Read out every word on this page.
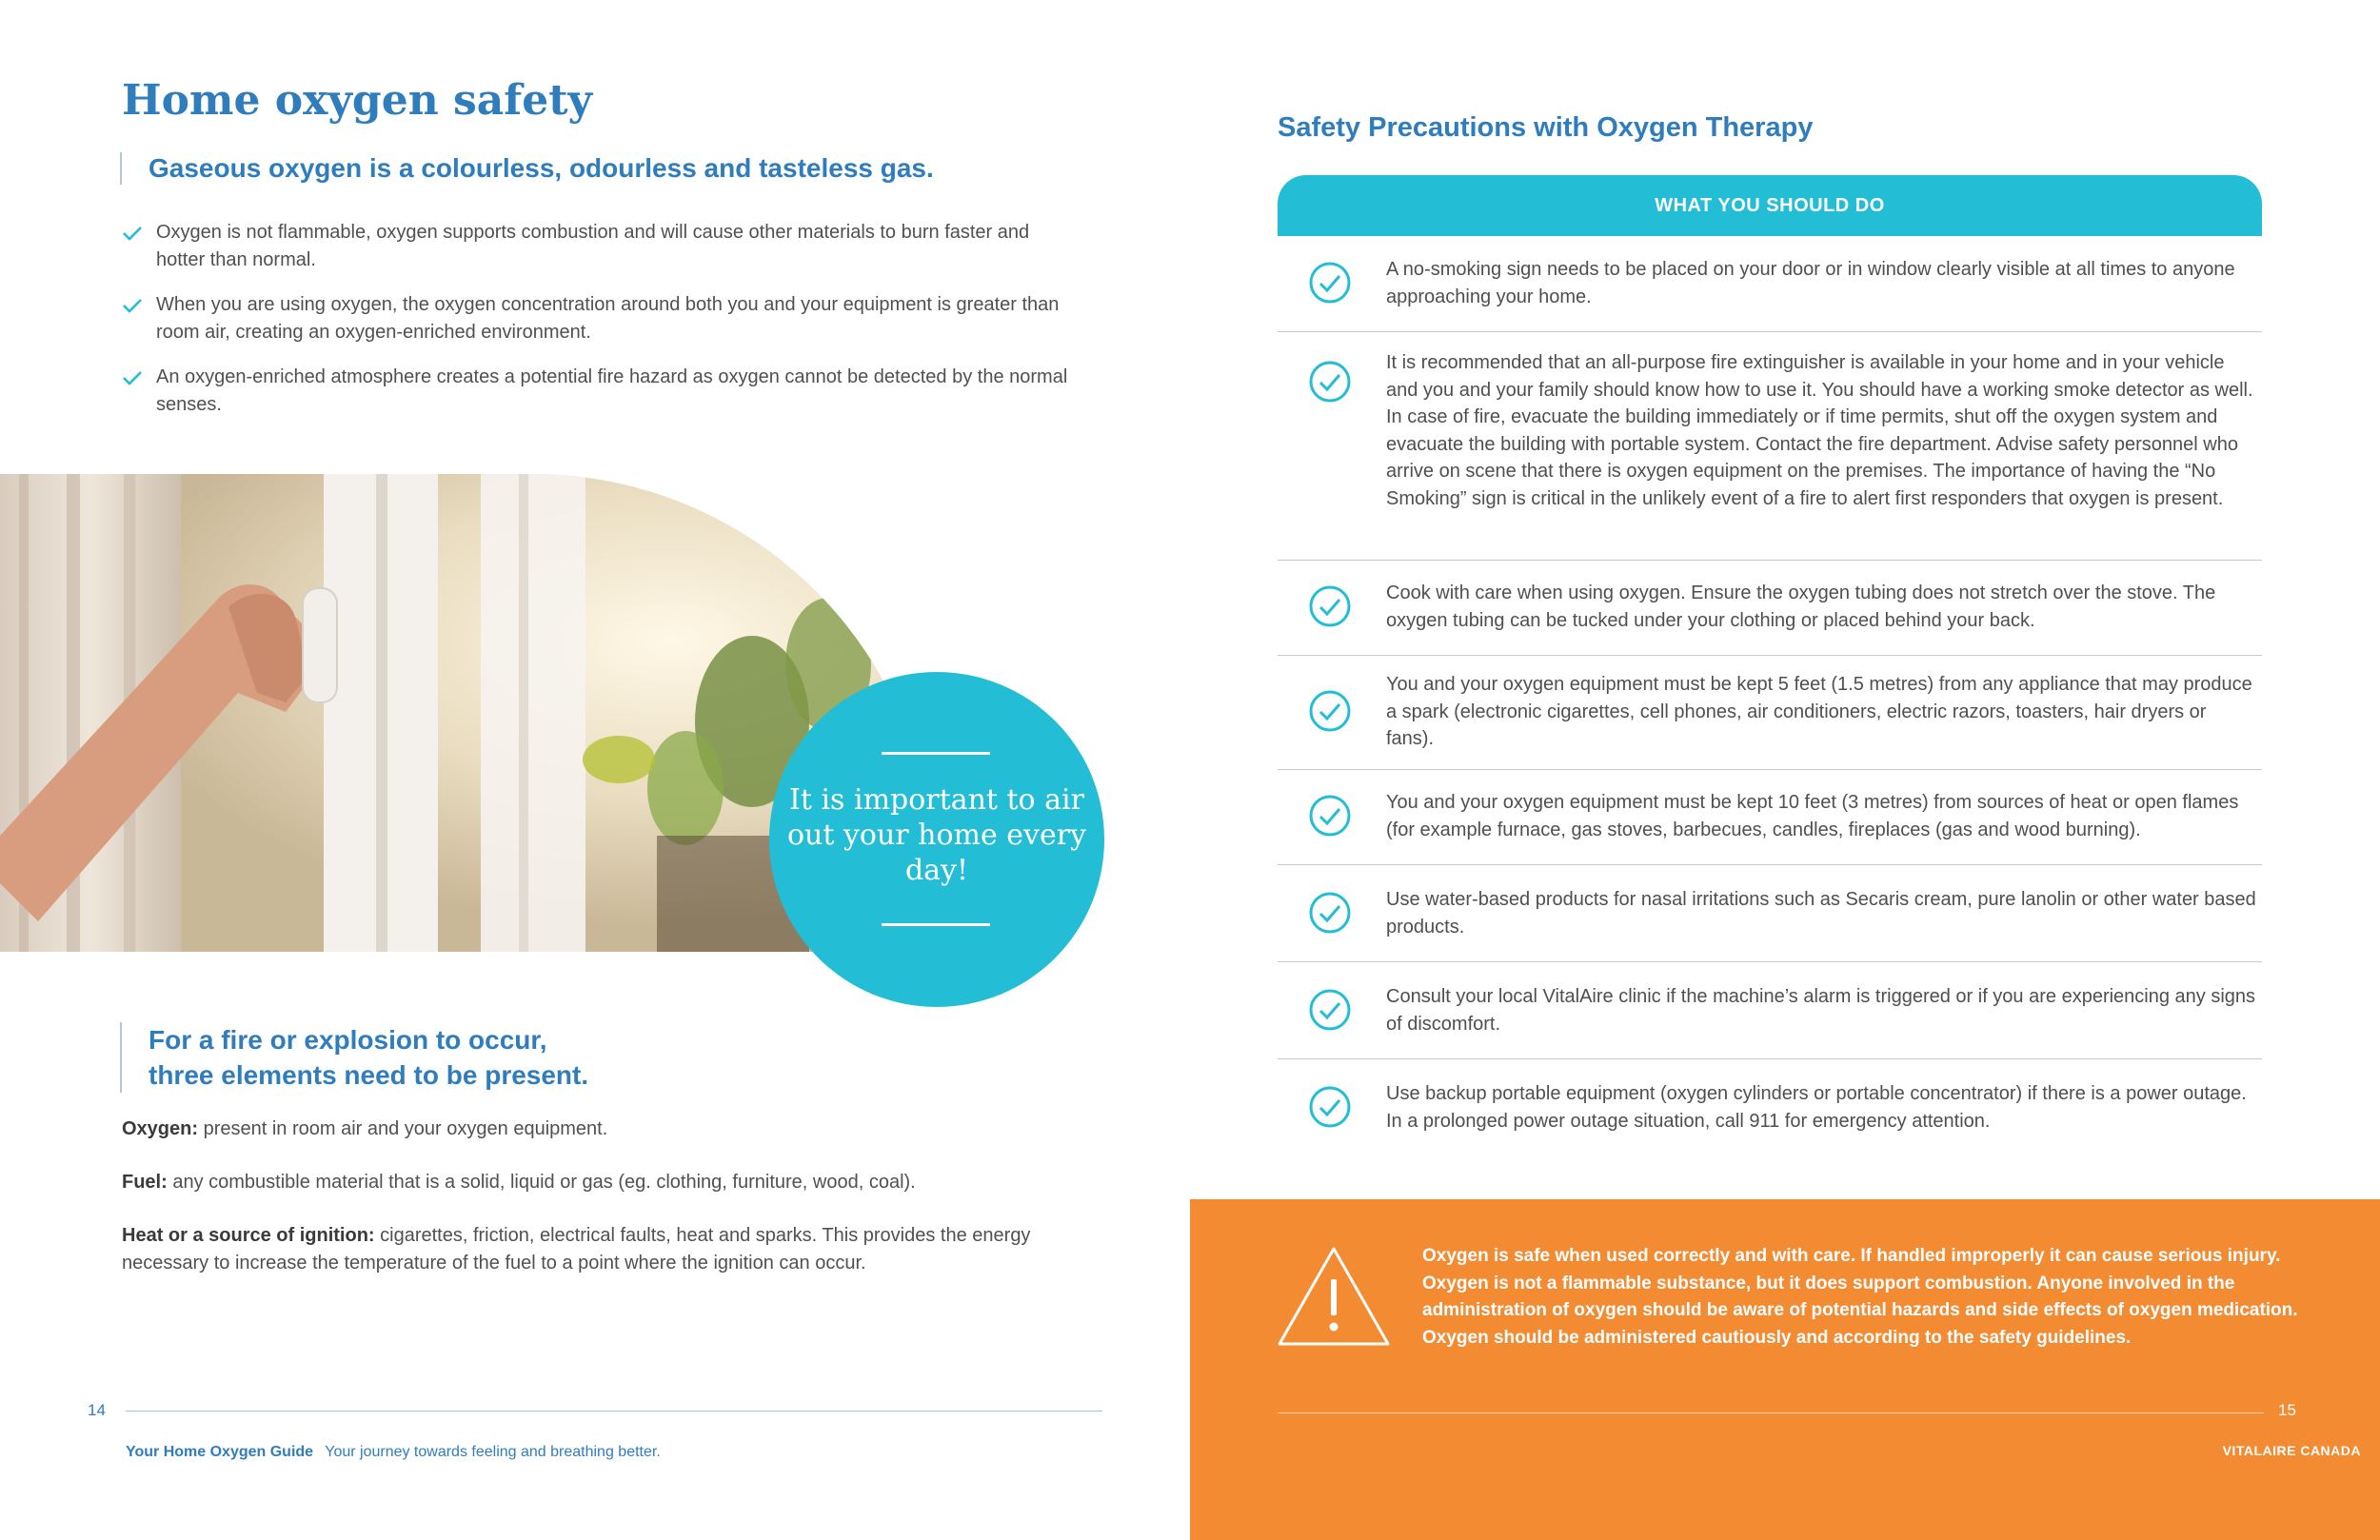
Home oxygen safety
Gaseous oxygen is a colourless, odourless and tasteless gas.
Oxygen is not flammable, oxygen supports combustion and will cause other materials to burn faster and hotter than normal.
When you are using oxygen, the oxygen concentration around both you and your equipment is greater than room air, creating an oxygen-enriched environment.
An oxygen-enriched atmosphere creates a potential fire hazard as oxygen cannot be detected by the normal senses.
It is important to air out your home every day!
For a fire or explosion to occur,
three elements need to be present.
Oxygen: present in room air and your oxygen equipment.
Fuel: any combustible material that is a solid, liquid or gas (eg. clothing, furniture, wood, coal).
Heat or a source of ignition: cigarettes, friction, electrical faults, heat and sparks. This provides the energy necessary to increase the temperature of the fuel to a point where the ignition can occur.
14
Your Home Oxygen Guide Your journey towards feeling and breathing better.
Safety Precautions with Oxygen Therapy
WHAT YOU SHOULD DO
A no-smoking sign needs to be placed on your door or in window clearly visible at all times to anyone approaching your home.
It is recommended that an all-purpose fire extinguisher is available in your home and in your vehicle and you and your family should know how to use it. You should have a working smoke detector as well. In case of fire, evacuate the building immediately or if time permits, shut off the oxygen system and evacuate the building with portable system. Contact the fire department. Advise safety personnel who arrive on scene that there is oxygen equipment on the premises. The importance of having the “No Smoking” sign is critical in the unlikely event of a fire to alert first responders that oxygen is present.
Cook with care when using oxygen. Ensure the oxygen tubing does not stretch over the stove. The oxygen tubing can be tucked under your clothing or placed behind your back.
You and your oxygen equipment must be kept 5 feet (1.5 metres) from any appliance that may produce a spark (electronic cigarettes, cell phones, air conditioners, electric razors, toasters, hair dryers or fans).
You and your oxygen equipment must be kept 10 feet (3 metres) from sources of heat or open flames (for example furnace, gas stoves, barbecues, candles, fireplaces (gas and wood burning).
Use water-based products for nasal irritations such as Secaris cream, pure lanolin or other water based products.
Consult your local VitalAire clinic if the machine’s alarm is triggered or if you are experiencing any signs of discomfort.
Use backup portable equipment (oxygen cylinders or portable concentrator) if there is a power outage. In a prolonged power outage situation, call 911 for emergency attention.
Oxygen is safe when used correctly and with care. If handled improperly it can cause serious injury. Oxygen is not a flammable substance, but it does support combustion. Anyone involved in the administration of oxygen should be aware of potential hazards and side effects of oxygen medication. Oxygen should be administered cautiously and according to the safety guidelines.
15
VITALAIRE CANADA
